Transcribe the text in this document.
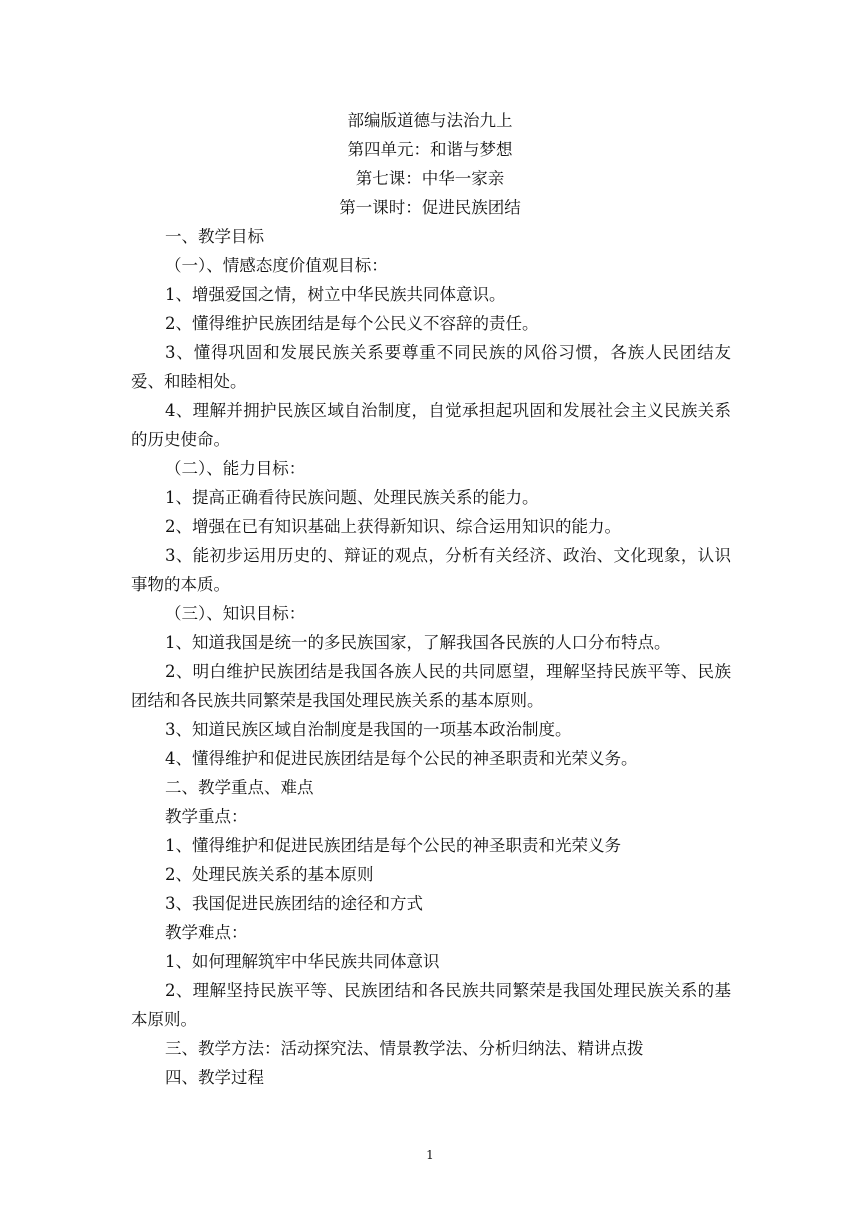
部编版道德与法治九上
第四单元：和谐与梦想
第七课：中华一家亲
第一课时：促进民族团结
一、教学目标
（一）、情感态度价值观目标：
1、增强爱国之情，树立中华民族共同体意识。
2、懂得维护民族团结是每个公民义不容辞的责任。
3、懂得巩固和发展民族关系要尊重不同民族的风俗习惯，各族人民团结友爱、和睦相处。
4、理解并拥护民族区域自治制度，自觉承担起巩固和发展社会主义民族关系的历史使命。
（二）、能力目标：
1、提高正确看待民族问题、处理民族关系的能力。
2、增强在已有知识基础上获得新知识、综合运用知识的能力。
3、能初步运用历史的、辩证的观点，分析有关经济、政治、文化现象，认识事物的本质。
（三）、知识目标：
1、知道我国是统一的多民族国家，了解我国各民族的人口分布特点。
2、明白维护民族团结是我国各族人民的共同愿望，理解坚持民族平等、民族团结和各民族共同繁荣是我国处理民族关系的基本原则。
3、知道民族区域自治制度是我国的一项基本政治制度。
4、懂得维护和促进民族团结是每个公民的神圣职责和光荣义务。
二、教学重点、难点
教学重点：
1、懂得维护和促进民族团结是每个公民的神圣职责和光荣义务
2、处理民族关系的基本原则
3、我国促进民族团结的途径和方式
教学难点：
1、如何理解筑牢中华民族共同体意识
2、理解坚持民族平等、民族团结和各民族共同繁荣是我国处理民族关系的基本原则。
三、教学方法：活动探究法、情景教学法、分析归纳法、精讲点拨
四、教学过程
1
